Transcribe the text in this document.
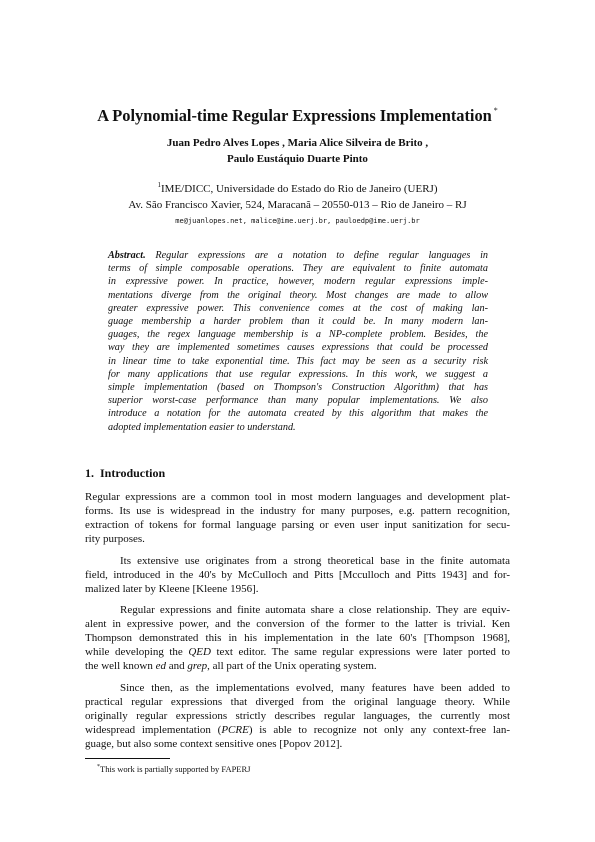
A Polynomial-time Regular Expressions Implementation *
Juan Pedro Alves Lopes , Maria Alice Silveira de Brito ,
Paulo Eustáquio Duarte Pinto
$^1$IME/DICC, Universidade do Estado do Rio de Janeiro (UERJ)
Av. São Francisco Xavier, 524, Maracanã – 20550-013 – Rio de Janeiro – RJ
me@juanlopes.net, malice@ime.uerj.br, pauloedp@ime.uerj.br
Abstract. Regular expressions are a notation to define regular languages in
terms of simple composable operations. They are equivalent to finite automata
in expressive power. In practice, however, modern regular expressions imple-
mentations diverge from the original theory. Most changes are made to allow
greater expressive power. This convenience comes at the cost of making lan-
guage membership a harder problem than it could be. In many modern lan-
guages, the regex language membership is a NP-complete problem. Besides, the
way they are implemented sometimes causes expressions that could be processed
in linear time to take exponential time. This fact may be seen as a security risk
for many applications that use regular expressions. In this work, we suggest a
simple implementation (based on Thompson's Construction Algorithm) that has
superior worst-case performance than many popular implementations. We also
introduce a notation for the automata created by this algorithm that makes the
adopted implementation easier to understand.
1. Introduction
Regular expressions are a common tool in most modern languages and development plat-
forms. Its use is widespread in the industry for many purposes, e.g. pattern recognition,
extraction of tokens for formal language parsing or even user input sanitization for secu-
rity purposes.
Its extensive use originates from a strong theoretical base in the finite automata
field, introduced in the 40's by McCulloch and Pitts [Mcculloch and Pitts 1943] and for-
malized later by Kleene [Kleene 1956].
Regular expressions and finite automata share a close relationship. They are equiv-
alent in expressive power, and the conversion of the former to the latter is trivial. Ken
Thompson demonstrated this in his implementation in the late 60's [Thompson 1968],
while developing the QED text editor. The same regular expressions were later ported to
the well known ed and grep, all part of the Unix operating system.
Since then, as the implementations evolved, many features have been added to
practical regular expressions that diverged from the original language theory. While
originally regular expressions strictly describes regular languages, the currently most
widespread implementation (PCRE) is able to recognize not only any context-free lan-
guage, but also some context sensitive ones [Popov 2012].
*This work is partially supported by FAPERJ
